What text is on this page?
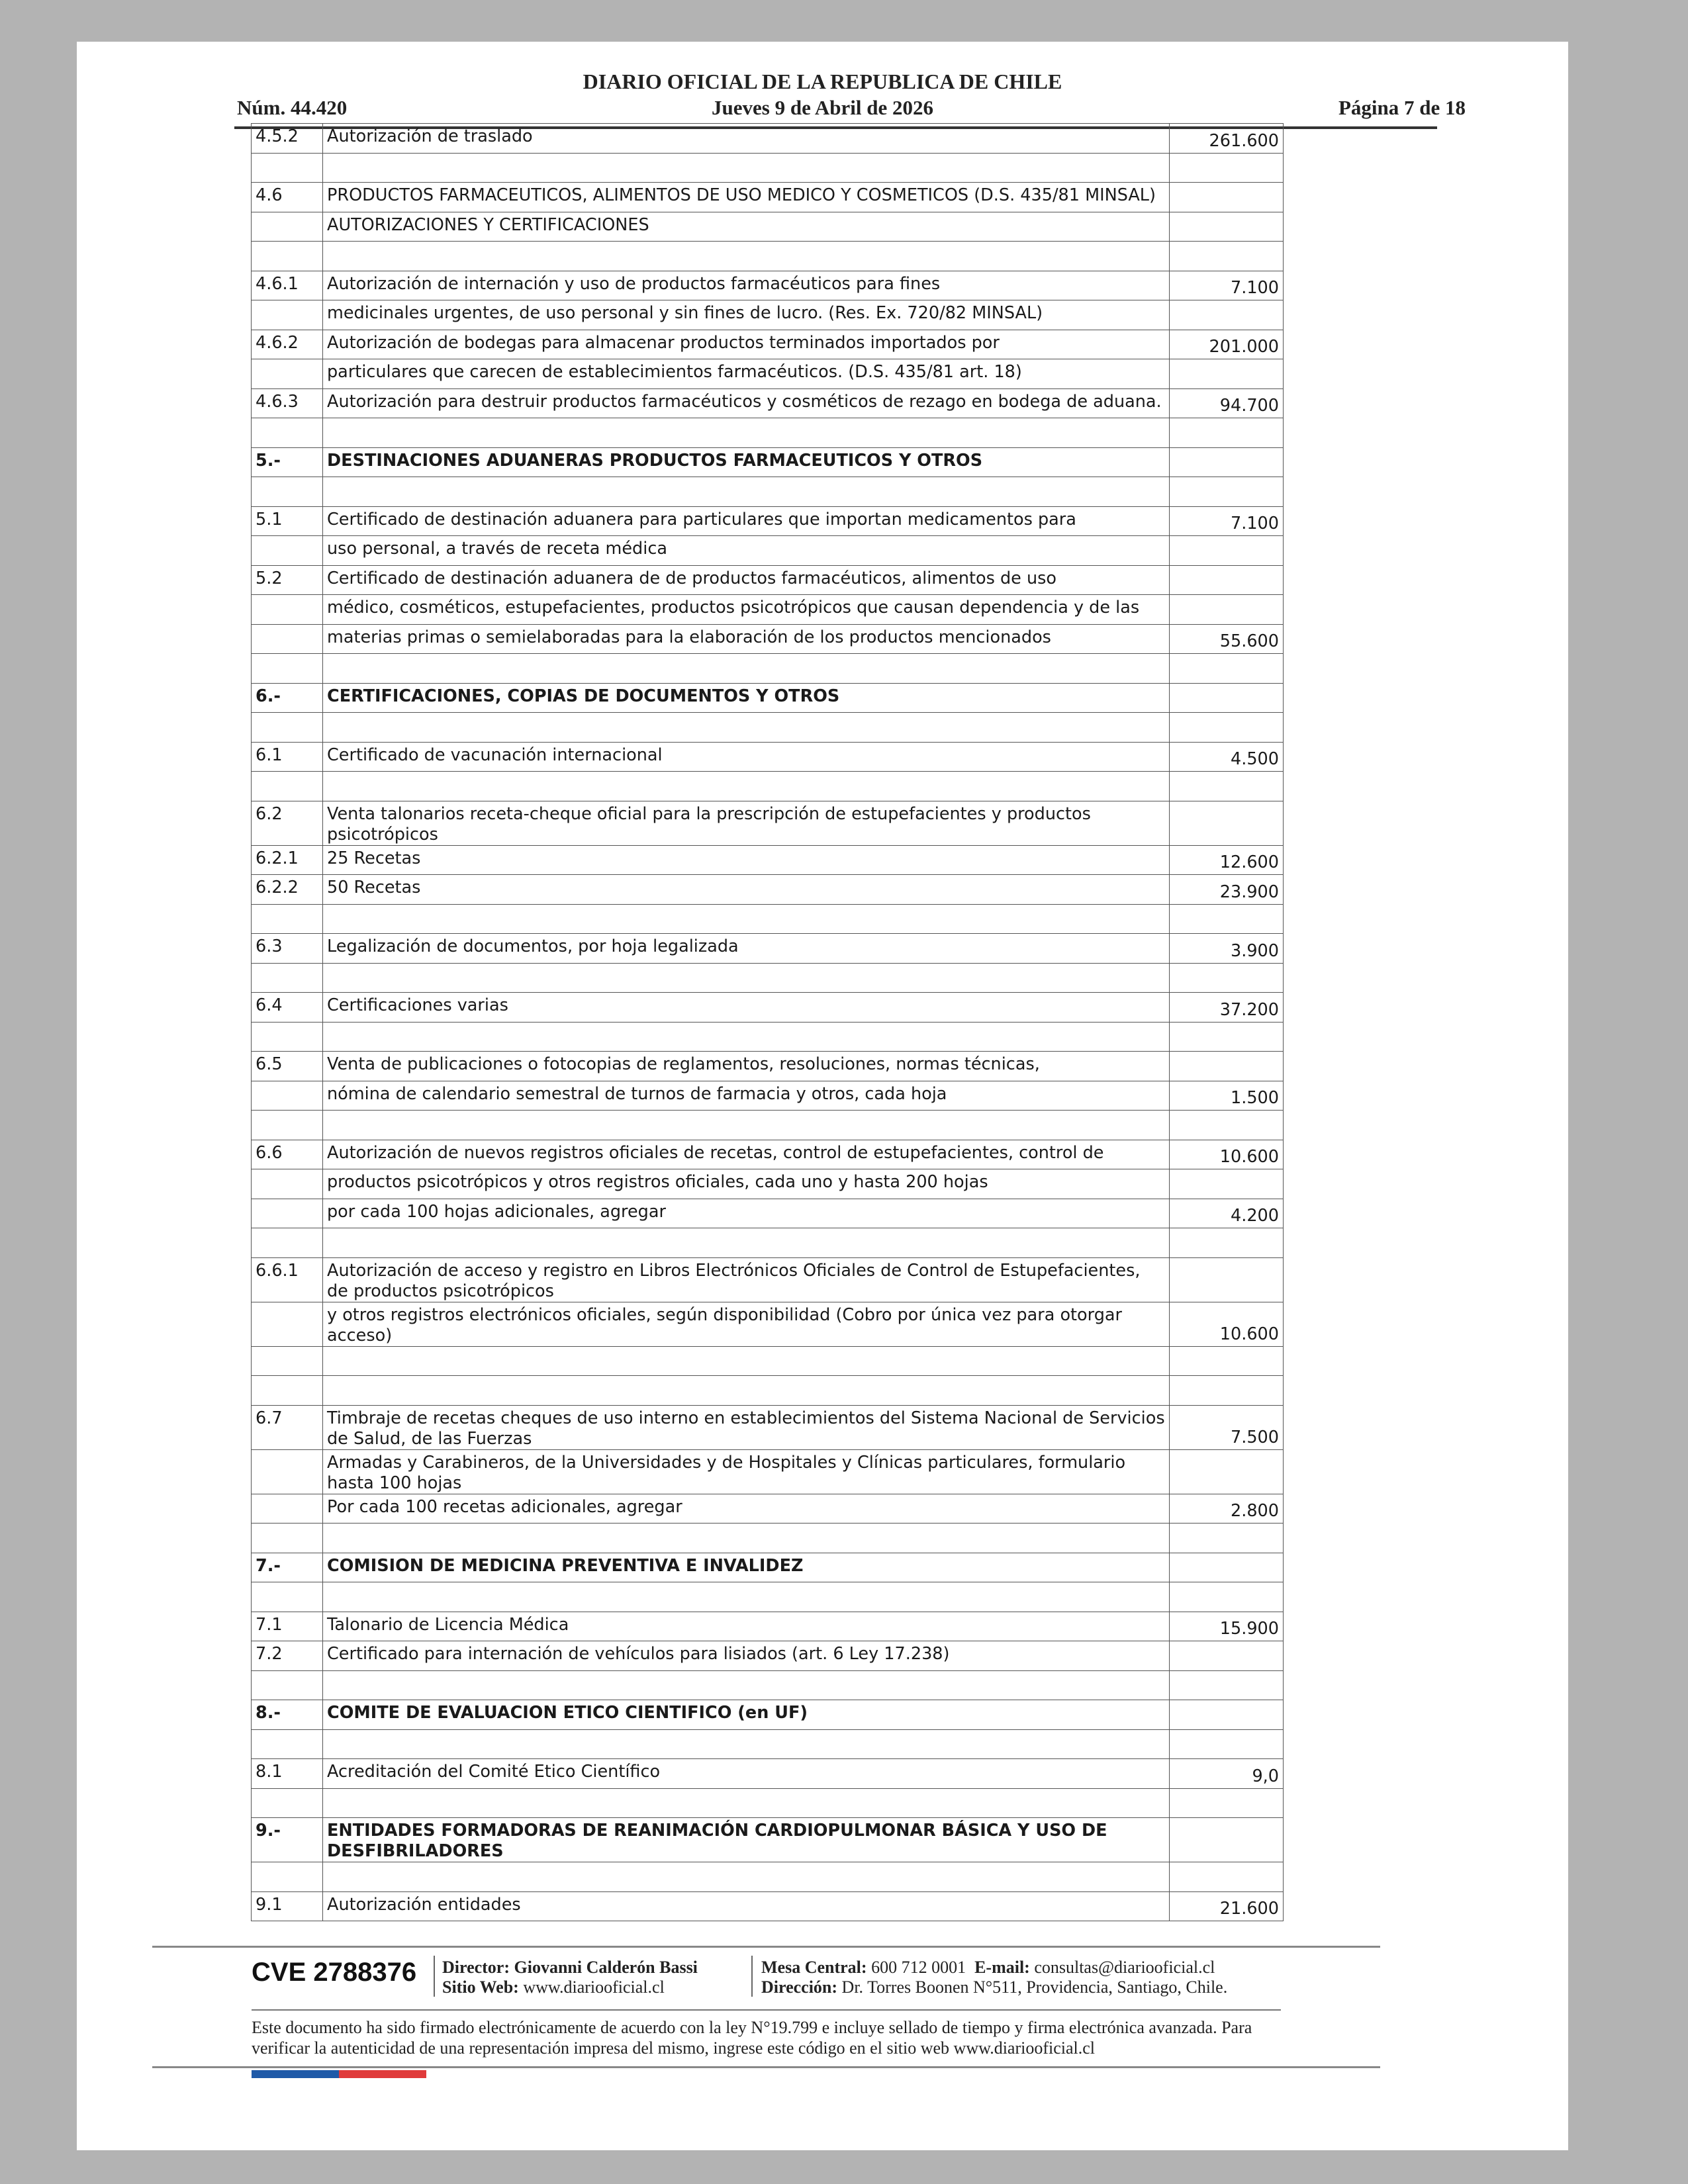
DIARIO OFICIAL DE LA REPUBLICA DE CHILE
Núm. 44.420	Jueves 9 de Abril de 2026	Página 7 de 18
4.5.2	Autorización de traslado	261.600

4.6	PRODUCTOS FARMACEUTICOS, ALIMENTOS DE USO MEDICO Y COSMETICOS (D.S. 435/81 MINSAL)	
	AUTORIZACIONES Y CERTIFICACIONES	

4.6.1	Autorización de internación y uso de productos farmacéuticos para fines	7.100
	medicinales urgentes, de uso personal y sin fines de lucro. (Res. Ex. 720/82 MINSAL)	
4.6.2	Autorización de bodegas para almacenar productos terminados importados por	201.000
	particulares que carecen de establecimientos farmacéuticos. (D.S. 435/81 art. 18)	
4.6.3	Autorización para destruir productos farmacéuticos y cosméticos de rezago en bodega de aduana.	94.700

5.-	DESTINACIONES ADUANERAS PRODUCTOS FARMACEUTICOS Y OTROS	

5.1	Certificado de destinación aduanera para particulares que importan medicamentos para	7.100
	uso personal, a través de receta médica	
5.2	Certificado de destinación aduanera de de productos farmacéuticos, alimentos de uso	
	médico, cosméticos, estupefacientes, productos psicotrópicos que causan dependencia y de las	
	materias primas o semielaboradas para la elaboración de los productos mencionados	55.600

6.-	CERTIFICACIONES, COPIAS DE DOCUMENTOS Y OTROS	

6.1	Certificado de vacunación internacional	4.500

6.2	Venta talonarios receta-cheque oficial para la prescripción de estupefacientes y productos psicotrópicos	
6.2.1	25 Recetas	12.600
6.2.2	50 Recetas	23.900

6.3	Legalización de documentos, por hoja legalizada	3.900

6.4	Certificaciones varias	37.200

6.5	Venta de publicaciones o fotocopias de reglamentos, resoluciones, normas técnicas,	
	nómina de calendario semestral de turnos de farmacia y otros, cada hoja	1.500

6.6	Autorización de nuevos registros oficiales de recetas, control de estupefacientes, control de	10.600
	productos psicotrópicos y otros registros oficiales, cada uno y hasta 200 hojas	
	por cada 100 hojas adicionales, agregar	4.200

6.6.1	Autorización de acceso y registro en Libros Electrónicos Oficiales de Control de Estupefacientes, de productos psicotrópicos	
	y otros registros electrónicos oficiales, según disponibilidad (Cobro por única vez para otorgar acceso)	10.600

6.7	Timbraje de recetas cheques de uso interno en establecimientos del Sistema Nacional de Servicios de Salud, de las Fuerzas	7.500
	Armadas y Carabineros, de la Universidades y de Hospitales y Clínicas particulares, formulario hasta 100 hojas	
	Por cada 100 recetas adicionales, agregar	2.800

7.-	COMISION DE MEDICINA PREVENTIVA E INVALIDEZ	

7.1	Talonario de Licencia Médica	15.900
7.2	Certificado para internación de vehículos para lisiados (art. 6 Ley 17.238)	

8.-	COMITE DE EVALUACION ETICO CIENTIFICO (en UF)	

8.1	Acreditación del Comité Etico Científico	9,0

9.-	ENTIDADES FORMADORAS DE REANIMACIÓN CARDIOPULMONAR BÁSICA Y USO DE DESFIBRILADORES	

9.1	Autorización entidades	21.600
CVE 2788376 Director: Giovanni Calderón Bassi
Sitio Web: www.diariooficial.cl
Mesa Central: 600 712 0001 E-mail: consultas@diariooficial.cl
Dirección: Dr. Torres Boonen N°511, Providencia, Santiago, Chile.
Este documento ha sido firmado electrónicamente de acuerdo con la ley N°19.799 e incluye sellado de tiempo y firma electrónica avanzada. Para verificar la autenticidad de una representación impresa del mismo, ingrese este código en el sitio web www.diariooficial.cl
